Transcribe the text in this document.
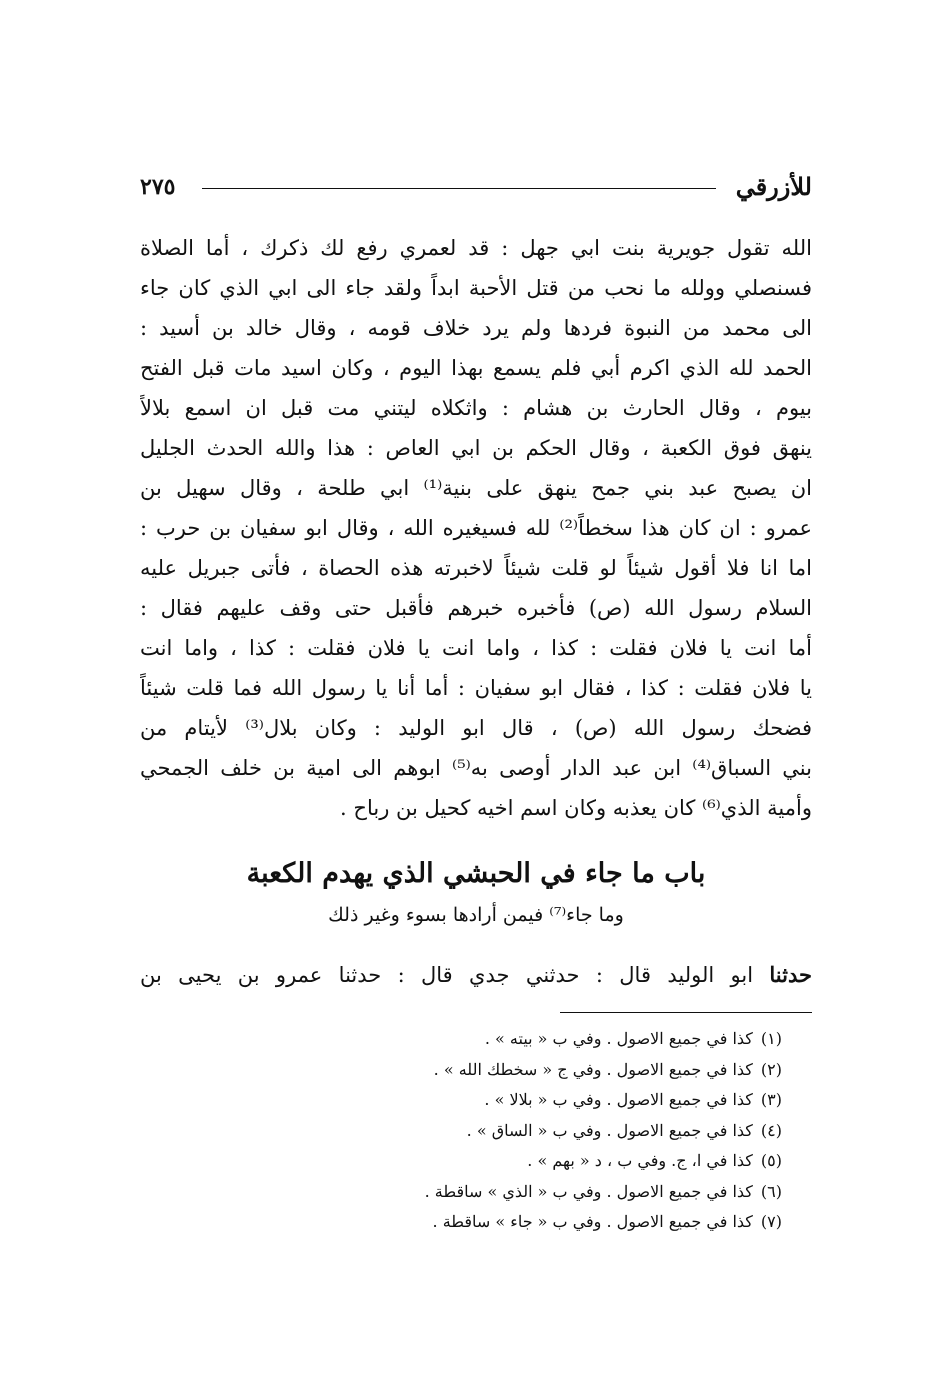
للأزرقي
٢٧٥
الله تقول جويرية بنت ابي جهل : قد لعمري رفع لك ذكرك ، أما الصلاة
فسنصلي وولله ما نحب من قتل الأحبة ابداً ولقد جاء الى ابي الذي كان جاء
الى محمد من النبوة فردها ولم يرد خلاف قومه ، وقال خالد بن أسيد :
الحمد لله الذي اكرم أبي فلم يسمع بهذا اليوم ، وكان اسيد مات قبل الفتح
بيوم ، وقال الحارث بن هشام : واثكلاه ليتني مت قبل ان اسمع بلالاً
ينهق فوق الكعبة ، وقال الحكم بن ابي العاص : هذا والله الحدث الجليل
ان يصبح عبد بني جمح ينهق على بنية⁽¹⁾ ابي طلحة ، وقال سهيل بن
عمرو : ان كان هذا سخطاً⁽²⁾ لله فسيغيره الله ، وقال ابو سفيان بن حرب :
اما انا فلا أقول شيئاً لو قلت شيئاً لاخبرته هذه الحصاة ، فأتى جبريل عليه
السلام رسول الله (ص) فأخبره خبرهم فأقبل حتى وقف عليهم فقال :
أما انت يا فلان فقلت : كذا ، واما انت يا فلان فقلت : كذا ، واما انت
يا فلان فقلت : كذا ، فقال ابو سفيان : أما أنا يا رسول الله فما قلت شيئاً
فضحك رسول الله (ص) ، قال ابو الوليد : وكان بلال⁽³⁾ لأيتام من
بني السباق⁽⁴⁾ ابن عبد الدار أوصى به⁽⁵⁾ ابوهم الى امية بن خلف الجمحي
وأمية الذي⁽⁶⁾ كان يعذبه وكان اسم اخيه كحيل بن رباح .
باب ما جاء في الحبشي الذي يهدم الكعبة
وما جاء⁽⁷⁾ فيمن أرادها بسوء وغير ذلك
حدثنا ابو الوليد قال : حدثني جدي قال : حدثنا عمرو بن يحيى بن
(١)كذا في جميع الاصول . وفي ب « بيته » .
(٢)كذا في جميع الاصول . وفي ج « سخطك الله » .
(٣)كذا في جميع الاصول . وفي ب « بلالا » .
(٤)كذا في جميع الاصول . وفي ب « الساق » .
(٥)كذا في ا، ج. وفي ب ، د « بهم » .
(٦)كذا في جميع الاصول . وفي ب « الذي » ساقطة .
(٧)كذا في جميع الاصول . وفي ب « جاء » ساقطة .
